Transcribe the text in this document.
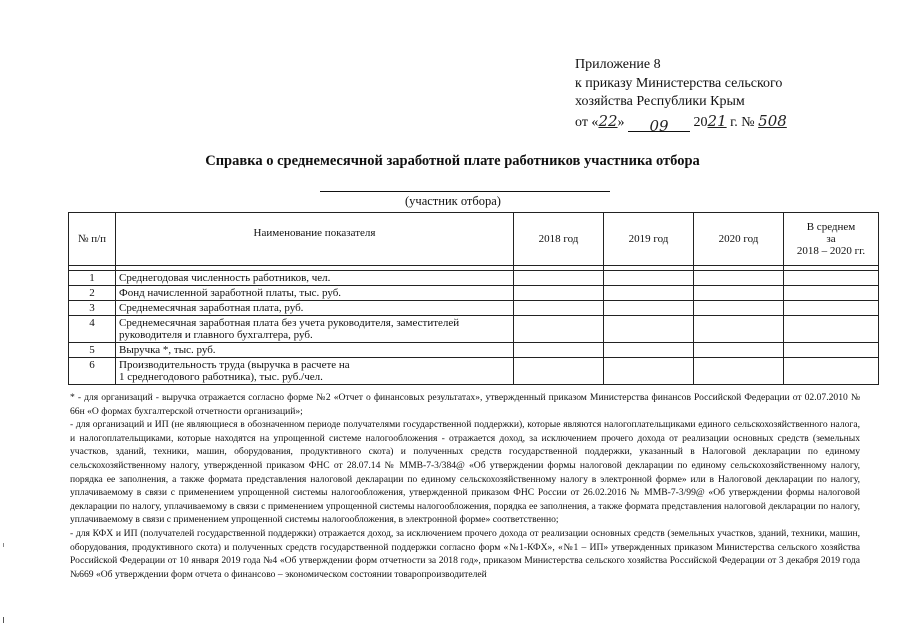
Приложение 8
к приказу Министерства сельского
хозяйства Республики Крым
от «22» 09 2021 г. № 508
Справка о среднемесячной заработной плате работников участника отбора
(участник отбора)
№ п/п	Наименование показателя	2018 год	2019 год	2020 год	В среднем
за
2018 – 2020 гг.

1	Среднегодовая численность работников, чел.				
2	Фонд начисленной заработной платы, тыс. руб.				
3	Среднемесячная заработная плата, руб.				
4	Среднемесячная заработная плата без учета руководителя, заместителей руководителя и главного бухгалтера, руб.				
5	Выручка *, тыс. руб.				
6	Производительность труда (выручка в расчете на
1 среднегодового работника), тыс. руб./чел.				

* - для организаций - выручка отражается согласно форме №2 «Отчет о финансовых результатах», утвержденный приказом Министерства финансов Российской Федерации от 02.07.2010 № 66н «О формах бухгалтерской отчетности организаций»;

- для организаций и ИП (не являющиеся в обозначенном периоде получателями государственной поддержки), которые являются налогоплательщиками единого сельскохозяйственного налога, и налогоплательщиками, которые находятся на упрощенной системе налогообложения - отражается доход, за исключением прочего дохода от реализации основных средств (земельных участков, зданий, техники, машин, оборудования, продуктивного скота) и полученных средств государственной поддержки, указанный в Налоговой декларации по единому сельскохозяйственному налогу, утвержденной приказом ФНС от 28.07.14 № ММВ-7-3/384@ «Об утверждении формы налоговой декларации по единому сельскохозяйственному налогу, порядка ее заполнения, а также формата представления налоговой декларации по единому сельскохозяйственному налогу в электронной форме» или в Налоговой декларации по налогу, уплачиваемому в связи с применением упрощенной системы налогообложения, утвержденной приказом ФНС России от 26.02.2016 № ММВ-7-3/99@ «Об утверждении формы налоговой декларации по налогу, уплачиваемому в связи с применением упрощенной системы налогообложения, порядка ее заполнения, а также формата представления налоговой декларации по налогу, уплачиваемому в связи с применением упрощенной системы налогообложения, в электронной форме» соответственно;

- для КФХ и ИП (получателей государственной поддержки) отражается доход, за исключением прочего дохода от реализации основных средств (земельных участков, зданий, техники, машин, оборудования, продуктивного скота) и полученных средств государственной поддержки согласно форм «№1-КФХ», «№1 – ИП» утвержденных приказом Министерства сельского хозяйства Российской Федерации от 10 января 2019 года №4 «Об утверждении форм отчетности за 2018 год», приказом Министерства сельского хозяйства Российской Федерации от 3 декабря 2019 года №669 «Об утверждении форм отчета о финансово – экономическом состоянии товаропроизводителей
